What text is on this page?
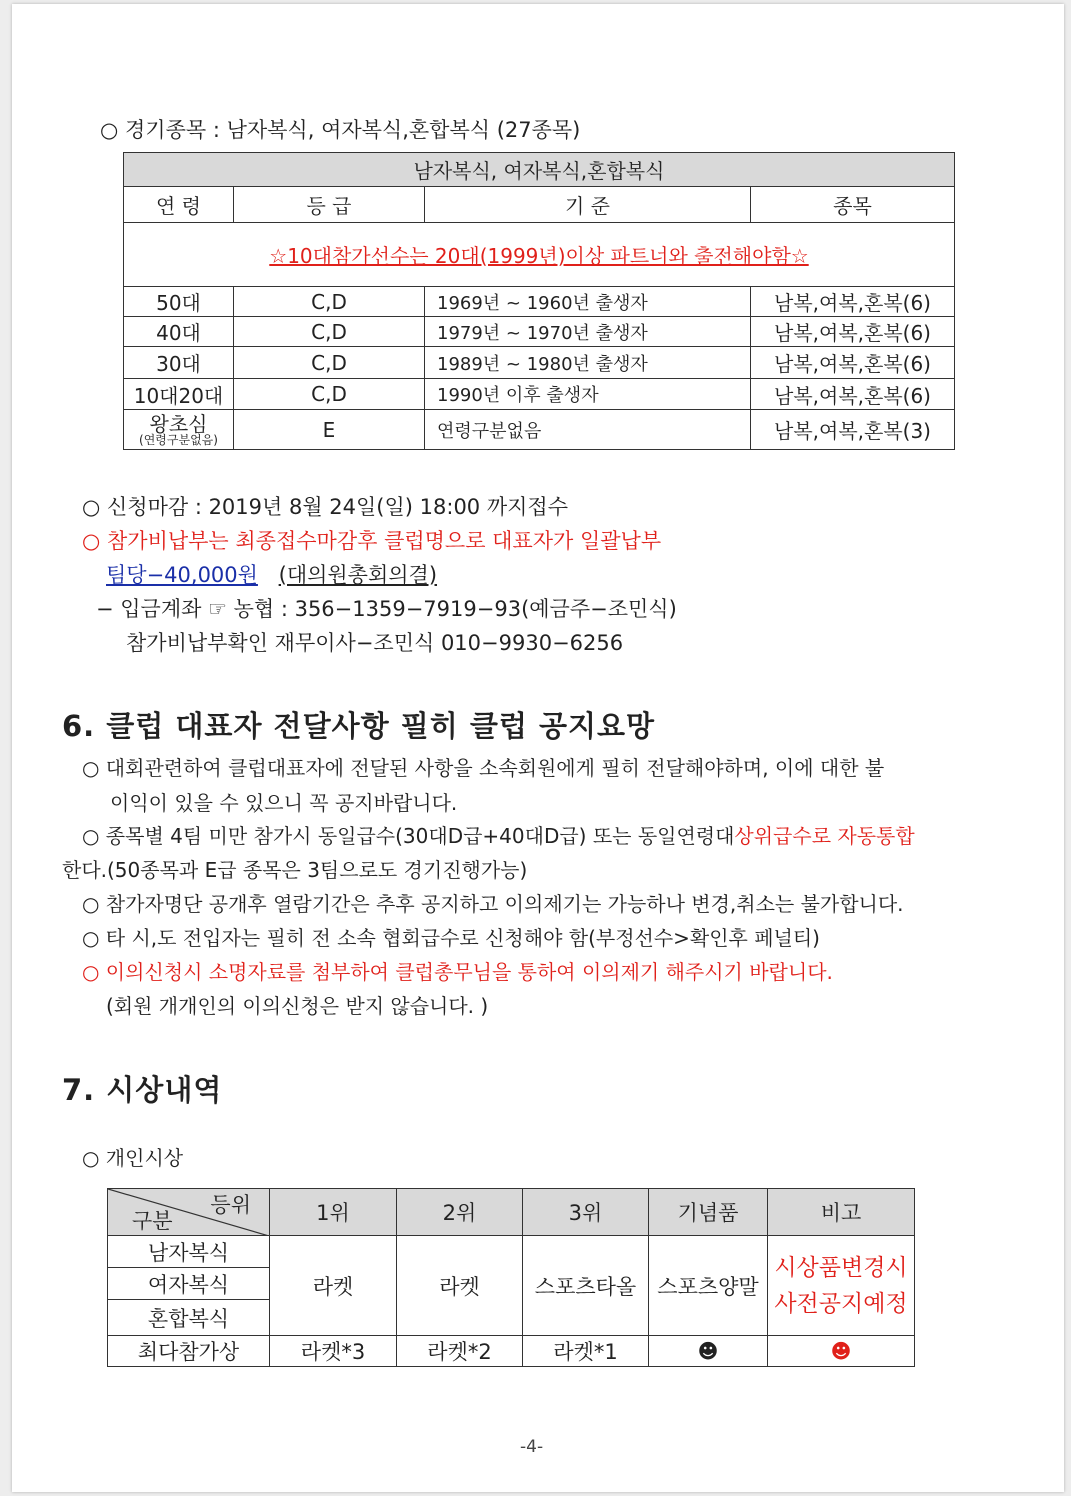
○ 경기종목 : 남자복식, 여자복식,혼합복식 (27종목)
남자복식, 여자복식,혼합복식			
연 령	등 급	기 준	종목
☆10대참가선수는 20대(1999년)이상 파트너와 출전해야함☆			
50대	C,D	1969년 ~ 1960년 출생자	남복,여복,혼복(6)
40대	C,D	1979년 ~ 1970년 출생자	남복,여복,혼복(6)
30대	C,D	1989년 ~ 1980년 출생자	남복,여복,혼복(6)
10대20대	C,D	1990년 이후 출생자	남복,여복,혼복(6)

왕초심
(연령구분없음)	E	연령구분없음	남복,여복,혼복(3)
○ 신청마감 : 2019년 8월 24일(일) 18:00 까지접수
○ 참가비납부는 최종접수마감후 클럽명으로 대표자가 일괄납부
팀당−40,000원 (대의원총회의결)
− 입금계좌 ☞ 농협 : 356−1359−7919−93(예금주−조민식)
참가비납부확인 재무이사−조민식 010−9930−6256
6. 클럽 대표자 전달사항 필히 클럽 공지요망
○ 대회관련하여 클럽대표자에 전달된 사항을 소속회원에게 필히 전달해야하며, 이에 대한 불
이익이 있을 수 있으니 꼭 공지바랍니다.
○ 종목별 4팀 미만 참가시 동일급수(30대D급+40대D급) 또는 동일연령대상위급수로 자동통합
한다.(50종목과 E급 종목은 3팀으로도 경기진행가능)
○ 참가자명단 공개후 열람기간은 추후 공지하고 이의제기는 가능하나 변경,취소는 불가합니다.
○ 타 시,도 전입자는 필히 전 소속 협회급수로 신청해야 함(부정선수>확인후 페널티)
○ 이의신청시 소명자료를 첨부하여 클럽총무님을 통하여 이의제기 해주시기 바랍니다.
(회원 개개인의 이의신청은 받지 않습니다. )
7. 시상내역
○ 개인시상
등위
구분	1위	2위	3위	기념품	비고
남자복식	라켓	라켓	스포츠타올	스포츠양말	시상품변경시
사전공지예정

여자복식					
혼합복식					
최다참가상	라켓*3	라켓*2	라켓*1	☻	☻
-4-
